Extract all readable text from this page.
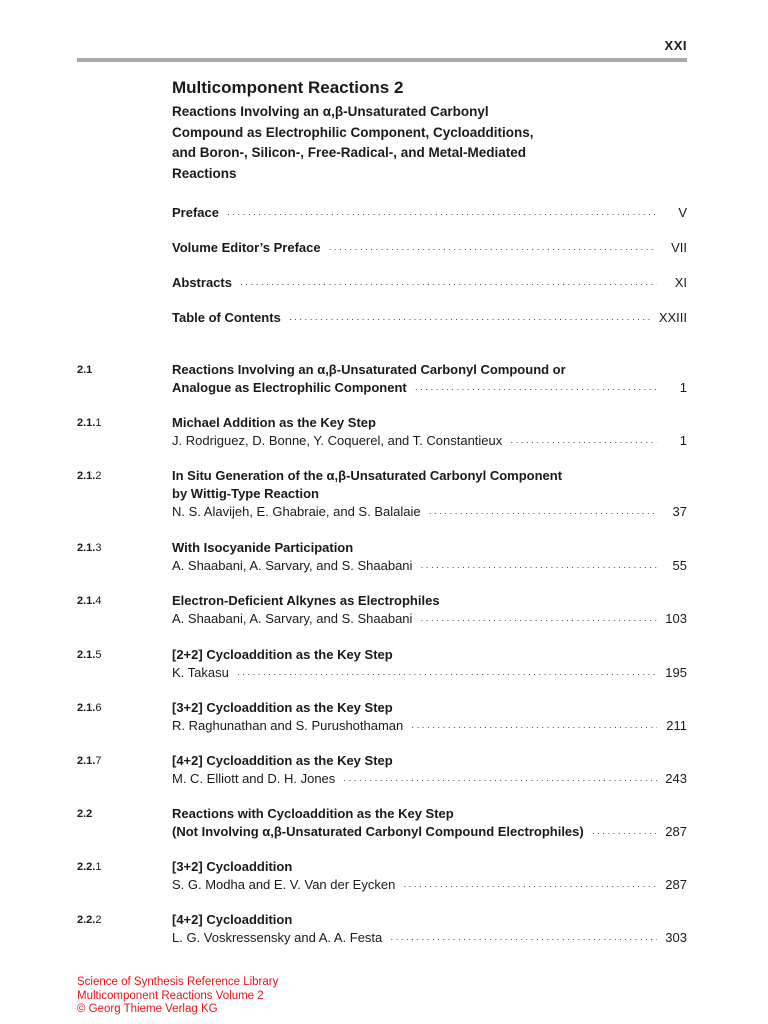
XXI
Multicomponent Reactions 2
Reactions Involving an α,β-Unsaturated Carbonyl
Compound as Electrophilic Component, Cycloadditions,
and Boron-, Silicon-, Free-Radical-, and Metal-Mediated
Reactions
Preface ·····	V
Volume Editor’s Preface ·····	VII
Abstracts ·····	XI
Table of Contents ·····	XXIII
2.1	Reactions Involving an α,β-Unsaturated Carbonyl Compound or
Analogue as Electrophilic Component ·····	1
2.1.1	Michael Addition as the Key Step
J. Rodriguez, D. Bonne, Y. Coquerel, and T. Constantieux ·····	1
2.1.2	In Situ Generation of the α,β-Unsaturated Carbonyl Component
by Wittig-Type Reaction
N. S. Alavijeh, E. Ghabraie, and S. Balalaie ·····	37
2.1.3	With Isocyanide Participation
A. Shaabani, A. Sarvary, and S. Shaabani ·····	55
2.1.4	Electron-Deficient Alkynes as Electrophiles
A. Shaabani, A. Sarvary, and S. Shaabani ·····	103
2.1.5	[2+2] Cycloaddition as the Key Step
K. Takasu ·····	195
2.1.6	[3+2] Cycloaddition as the Key Step
R. Raghunathan and S. Purushothaman ·····	211
2.1.7	[4+2] Cycloaddition as the Key Step
M. C. Elliott and D. H. Jones ·····	243
2.2	Reactions with Cycloaddition as the Key Step
(Not Involving α,β-Unsaturated Carbonyl Compound Electrophiles) ·····	287
2.2.1	[3+2] Cycloaddition
S. G. Modha and E. V. Van der Eycken ·····	287
2.2.2	[4+2] Cycloaddition
L. G. Voskressensky and A. A. Festa ·····	303
Science of Synthesis Reference Library
Multicomponent Reactions Volume 2
© Georg Thieme Verlag KG
